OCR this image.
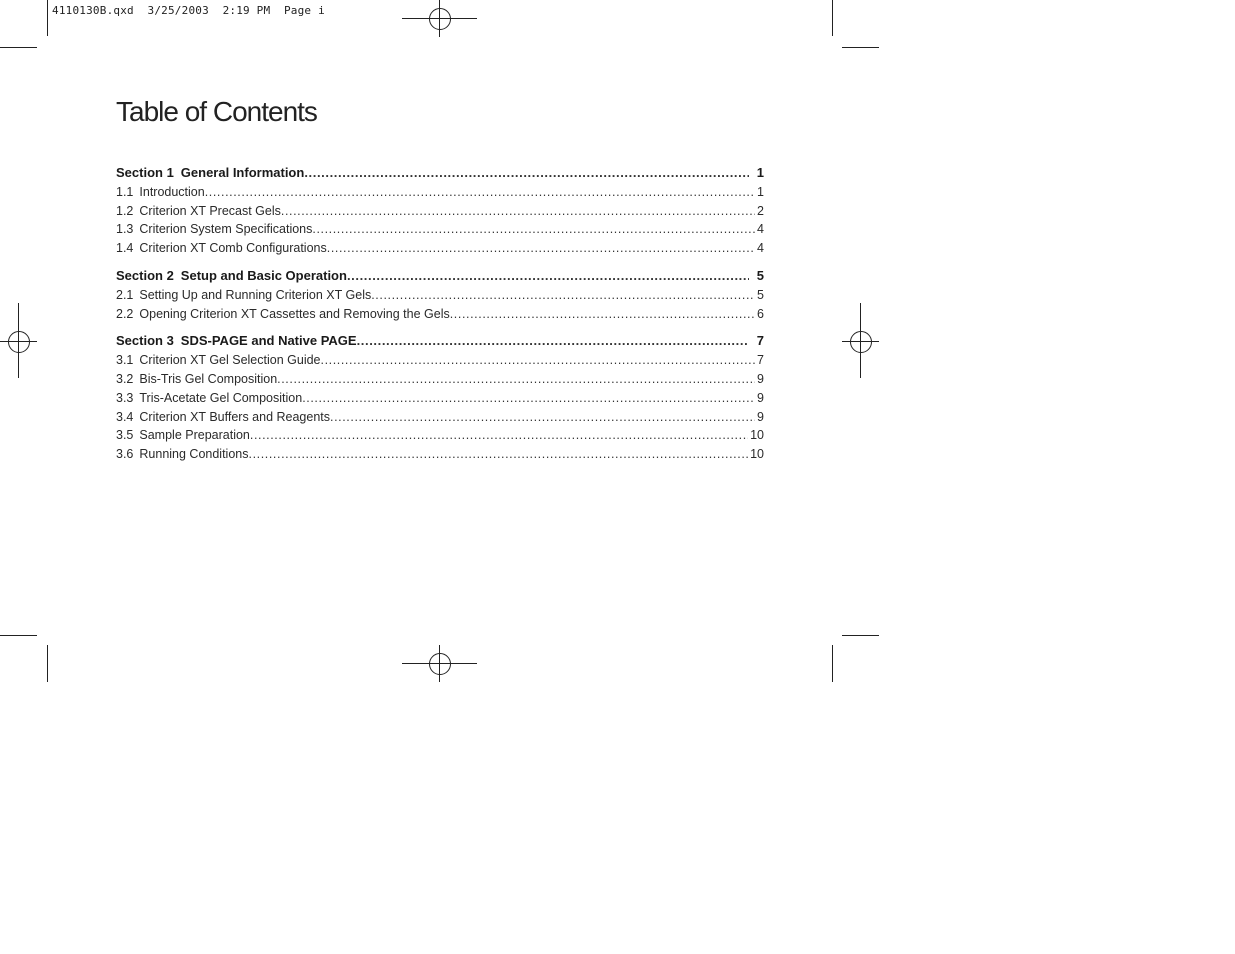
4110130B.qxd  3/25/2003  2:19 PM  Page i
Table of Contents
Section 1 General Information .....	1
1.1 Introduction .....	1
1.2 Criterion XT Precast Gels .....	2
1.3 Criterion System Specifications .....	4
1.4 Criterion XT Comb Configurations .....	4
Section 2 Setup and Basic Operation .....	5
2.1 Setting Up and Running Criterion XT Gels .....	5
2.2 Opening Criterion XT Cassettes and Removing the Gels .....	6
Section 3 SDS-PAGE and Native PAGE .....	7
3.1 Criterion XT Gel Selection Guide .....	7
3.2 Bis-Tris Gel Composition .....	9
3.3 Tris-Acetate Gel Composition .....	9
3.4 Criterion XT Buffers and Reagents .....	9
3.5 Sample Preparation .....	10
3.6 Running Conditions .....	10
